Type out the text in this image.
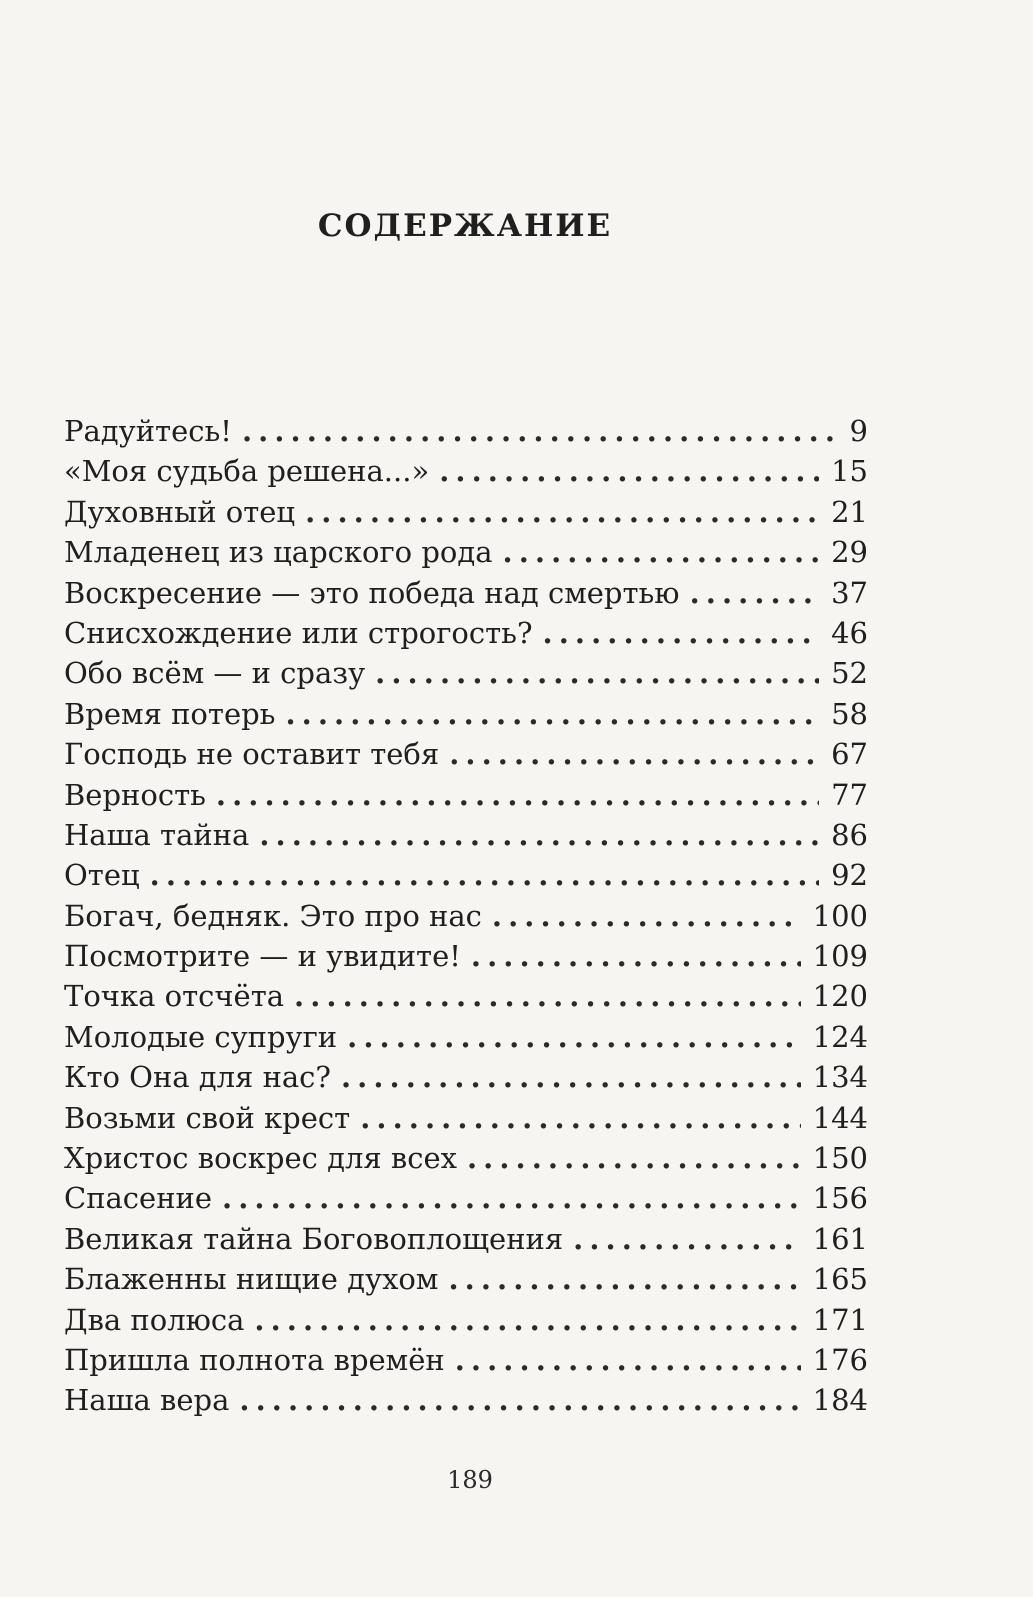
СОДЕРЖАНИЕ
Радуйтесь! . . .	9
«Моя судьба решена...» . . .	15
Духовный отец . . .	21
Младенец из царского рода . . .	29
Воскресение — это победа над смертью . . .	37
Снисхождение или строгость? . . .	46
Обо всём — и сразу . . .	52
Время потерь . . .	58
Господь не оставит тебя . . .	67
Верность . . .	77
Наша тайна . . .	86
Отец . . .	92
Богач, бедняк. Это про нас . . .	100
Посмотрите — и увидите! . . .	109
Точка отсчёта . . .	120
Молодые супруги . . .	124
Кто Она для нас? . . .	134
Возьми свой крест . . .	144
Христос воскрес для всех . . .	150
Спасение . . .	156
Великая тайна Боговоплощения . . .	161
Блаженны нищие духом . . .	165
Два полюса . . .	171
Пришла полнота времён . . .	176
Наша вера . . .	184
189
